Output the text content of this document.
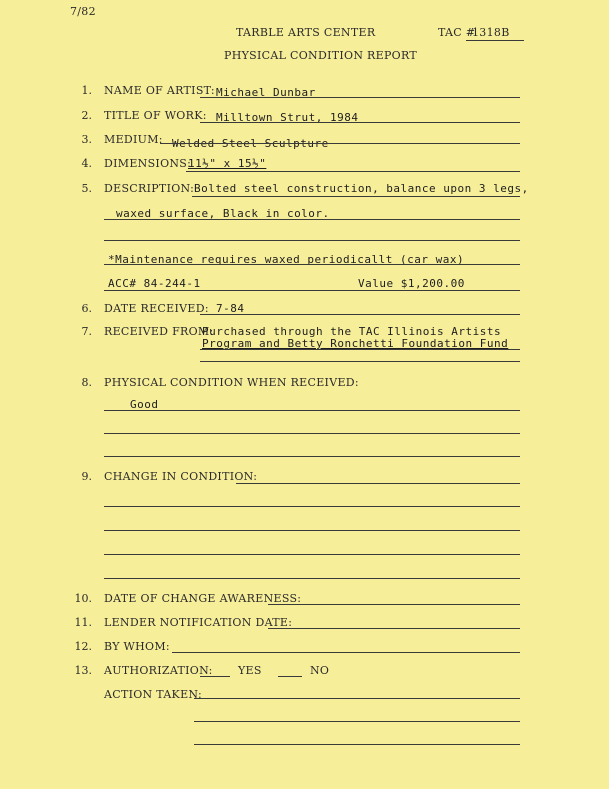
7/82
TARBLE ARTS CENTER	TAC #
1318B
PHYSICAL CONDITION REPORT
1. NAME OF ARTIST: Michael Dunbar
2. TITLE OF WORK: Milltown Strut, 1984
3. MEDIUM: Welded Steel Sculpture
4. DIMENSIONS:
11½" x 15½"
5. DESCRIPTION: Bolted steel construction, balance upon 3 legs,
waxed surface, Black in color.
*Maintenance requires waxed periodicallt (car wax)
ACC# 84-244-1	Value $1,200.00
6. DATE RECEIVED: 7-84
7. RECEIVED FROM:
Purchased through the TAC Illinois Artists
Program and Betty Ronchetti Foundation Fund
8. PHYSICAL CONDITION WHEN RECEIVED:
Good
9. CHANGE IN CONDITION:
10. DATE OF CHANGE AWARENESS:
11. LENDER NOTIFICATION DATE:
12. BY WHOM:
13. AUTHORIZATION: YES	NO
ACTION TAKEN:
